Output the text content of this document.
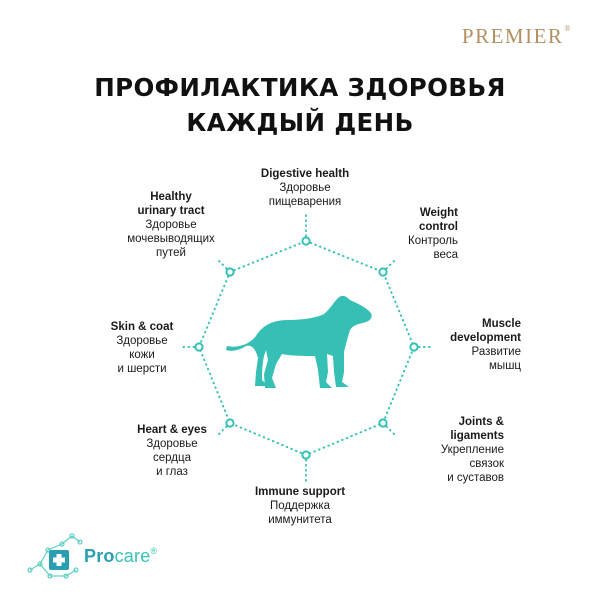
PREMIER®
ПРОФИЛАКТИКА ЗДОРОВЬЯ
КАЖДЫЙ ДЕНЬ
Digestive health
Здоровье
пищеварения
Weight
control
Контроль
веса
Muscle
development
Развитие
мышц
Joints &
ligaments
Укрепление
связок
и суставов
Immune support
Поддержка
иммунитета
Heart & eyes
Здоровье
сердца
и глаз
Skin & coat
Здоровье
кожи
и шерсти
Healthy
urinary tract
Здоровье
мочевыводящих
путей
Procare®
